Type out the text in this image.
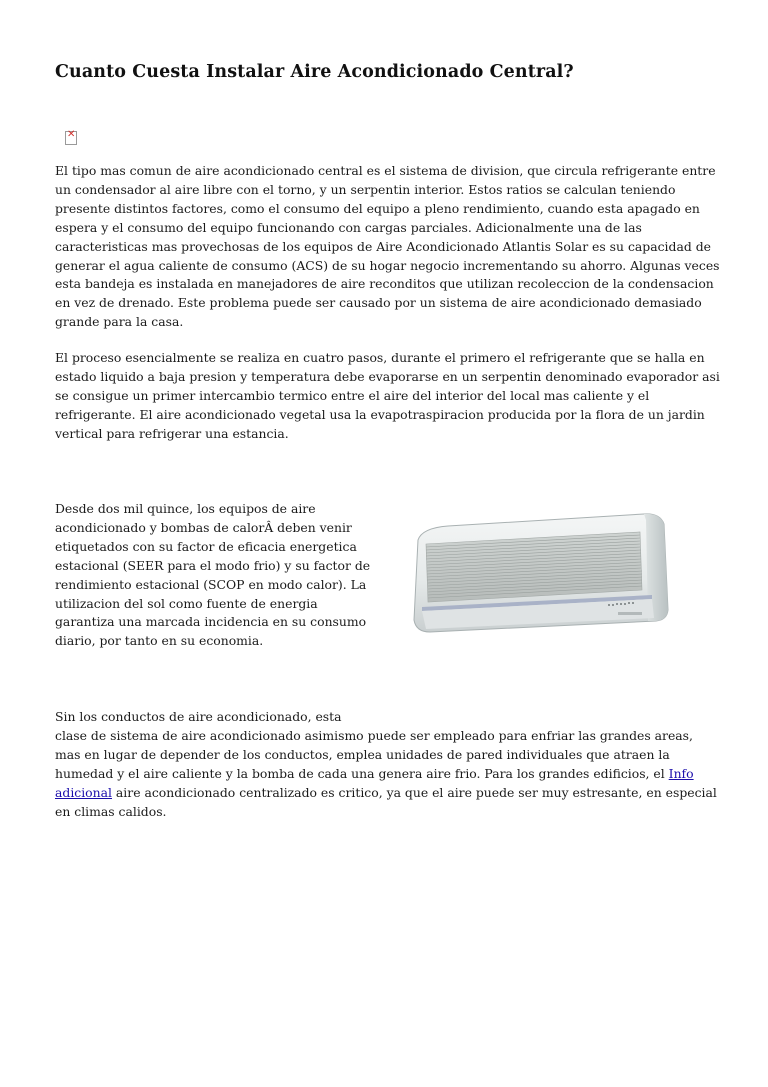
Cuanto Cuesta Instalar Aire Acondicionado Central?
✕

El tipo mas comun de aire acondicionado central es el sistema de division, que circula refrigerante entre un condensador al aire libre con el torno, y un serpentin interior. Estos ratios se calculan teniendo presente distintos factores, como el consumo del equipo a pleno rendimiento, cuando esta apagado en espera y el consumo del equipo funcionando con cargas parciales. Adicionalmente una de las caracteristicas mas provechosas de los equipos de Aire Acondicionado Atlantis Solar es su capacidad de generar el agua caliente de consumo (ACS) de su hogar negocio incrementando su ahorro. Algunas veces esta bandeja es instalada en manejadores de aire reconditos que utilizan recoleccion de la condensacion en vez de drenado. Este problema puede ser causado por un sistema de aire acondicionado demasiado grande para la casa.

El proceso esencialmente se realiza en cuatro pasos, durante el primero el refrigerante que se halla en estado liquido a baja presion y temperatura debe evaporarse en un serpentin denominado evaporador asi se consigue un primer intercambio termico entre el aire del interior del local mas caliente y el refrigerante. El aire acondicionado vegetal usa la evapotraspiracion producida por la flora de un jardin vertical para refrigerar una estancia.

Desde dos mil quince, los equipos de aire acondicionado y bombas de calorÂ deben venir etiquetados con su factor de eficacia energetica estacional (SEER para el modo frio) y su factor de rendimiento estacional (SCOP en modo calor). La utilizacion del sol como fuente de energia garantiza una marcada incidencia en su consumo diario, por tanto en su economia.

Sin los conductos de aire acondicionado, esta
clase de sistema de aire acondicionado asimismo puede ser empleado para enfriar las grandes areas, mas en lugar de depender de los conductos, emplea unidades de pared individuales que atraen la humedad y el aire caliente y la bomba de cada una genera aire frio. Para los grandes edificios, el Info adicional aire acondicionado centralizado es critico, ya que el aire puede ser muy estresante, en especial en climas calidos.
